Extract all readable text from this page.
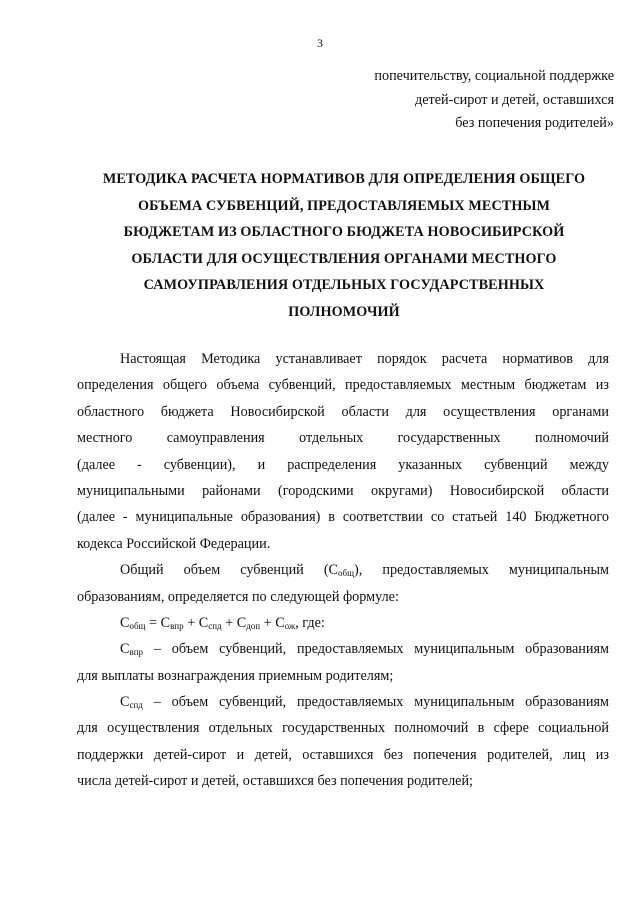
3
попечительству, социальной поддержке
детей-сирот и детей, оставшихся
без попечения родителей»
МЕТОДИКА РАСЧЕТА НОРМАТИВОВ ДЛЯ ОПРЕДЕЛЕНИЯ ОБЩЕГО
ОБЪЕМА СУБВЕНЦИЙ, ПРЕДОСТАВЛЯЕМЫХ МЕСТНЫМ
БЮДЖЕТАМ ИЗ ОБЛАСТНОГО БЮДЖЕТА НОВОСИБИРСКОЙ
ОБЛАСТИ ДЛЯ ОСУЩЕСТВЛЕНИЯ ОРГАНАМИ МЕСТНОГО
САМОУПРАВЛЕНИЯ ОТДЕЛЬНЫХ ГОСУДАРСТВЕННЫХ
ПОЛНОМОЧИЙ
Настоящая Методика устанавливает порядок расчета нормативов для
определения общего объема субвенций, предоставляемых местным бюджетам из
областного бюджета Новосибирской области для осуществления органами
местного самоуправления отдельных государственных полномочий
(далее - субвенции), и распределения указанных субвенций между
муниципальными районами (городскими округами) Новосибирской области
(далее - муниципальные образования) в соответствии со статьей 140 Бюджетного
кодекса Российской Федерации.
Общий объем субвенций $(С_{общ})$, предоставляемых муниципальным
образованиям, определяется по следующей формуле:
$С_{общ} = С_{впр} + С_{спд} + С_{доп} + С_{ож}$, где:
$С_{впр}$ – объем субвенций, предоставляемых муниципальным образованиям
для выплаты вознаграждения приемным родителям;
$С_{спд}$ – объем субвенций, предоставляемых муниципальным образованиям
для осуществления отдельных государственных полномочий в сфере социальной
поддержки детей-сирот и детей, оставшихся без попечения родителей, лиц из
числа детей-сирот и детей, оставшихся без попечения родителей;
